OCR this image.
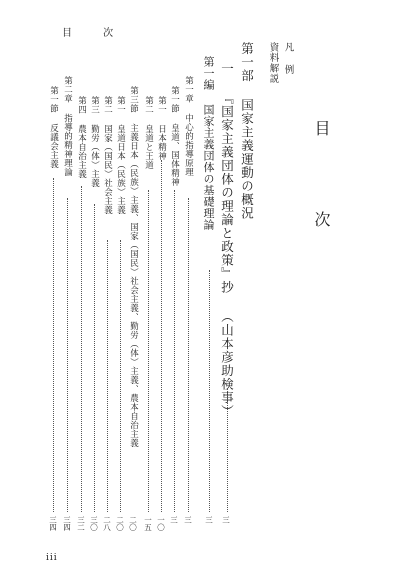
目 次
目 次
凡 例
資料解説
第一部 国家主義運動の概況
一 『国家主義団体の理論と政策』抄 （山本彦助検事）
三
第一編 国家主義団体の基礎理論
三
第一章 中心的指導原理
三
第一節 皇道、国体精神
三
第一 日本精神
一〇
第二 皇道と王道
一五
第三節 主義日本（民族）主義、国家（国民）社会主義、勤労（体）主義、農本自治主義
二〇
第一 皇道日本（民族）主義
二〇
第二 国家（国民）社会主義
二八
第三 勤労（体）主義
三〇
第四 農本自治主義
三二
第二章 指導的精神理論
三四
第一節 反議会主義
三四
iii
